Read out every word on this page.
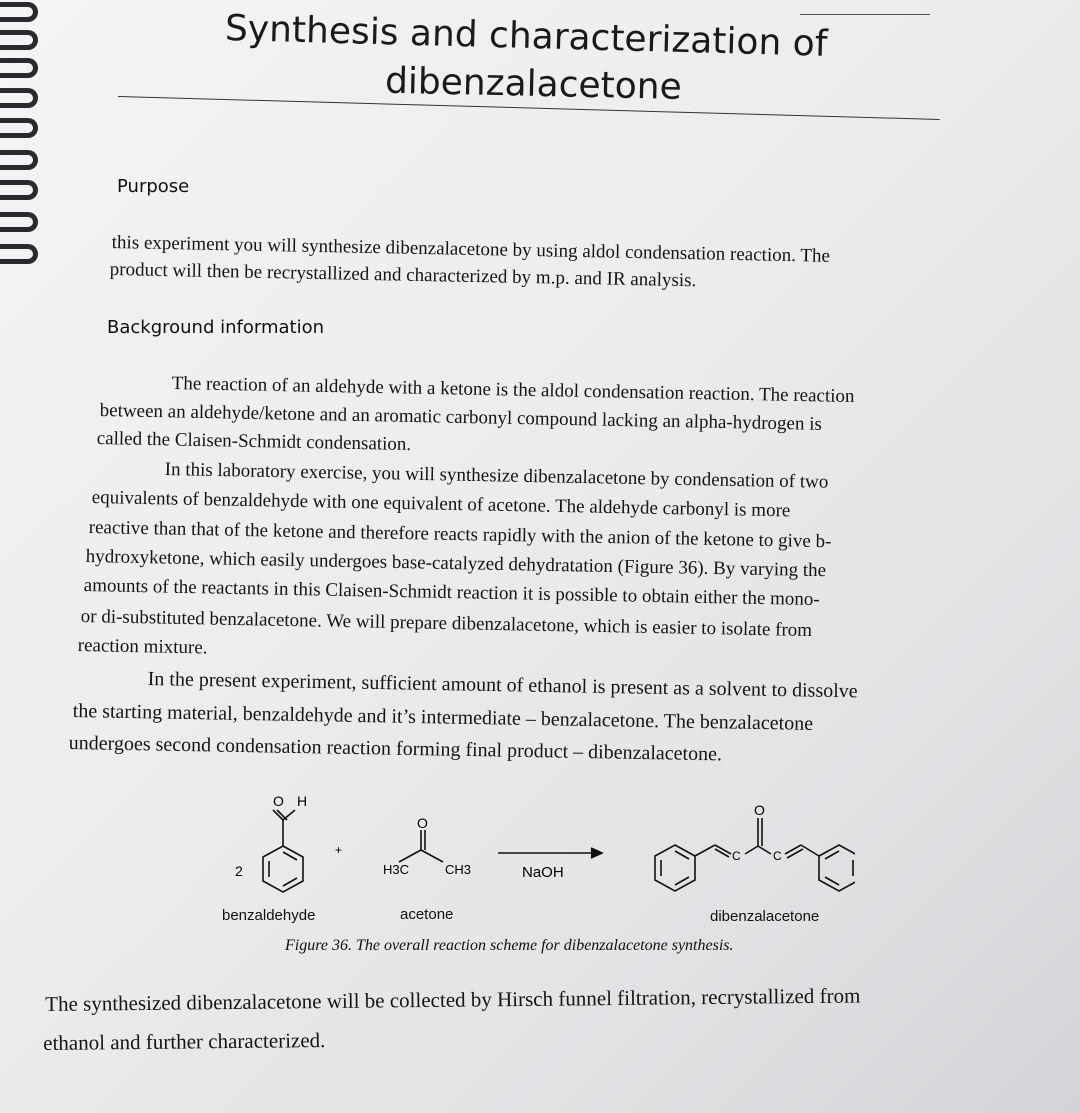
Synthesis and characterization of
dibenzalacetone
Purpose

this experiment you will synthesize dibenzalacetone by using aldol condensation reaction. The

product will then be recrystallized and characterized by m.p. and IR analysis.

Background information

The reaction of an aldehyde with a ketone is the aldol condensation reaction. The reaction

between an aldehyde/ketone and an aromatic carbonyl compound lacking an alpha-hydrogen is

called the Claisen-Schmidt condensation.

In this laboratory exercise, you will synthesize dibenzalacetone by condensation of two

equivalents of benzaldehyde with one equivalent of acetone. The aldehyde carbonyl is more

reactive than that of the ketone and therefore reacts rapidly with the anion of the ketone to give b-

hydroxyketone, which easily undergoes base-catalyzed dehydratation (Figure 36). By varying the

amounts of the reactants in this Claisen-Schmidt reaction it is possible to obtain either the mono-

or di-substituted benzalacetone. We will prepare dibenzalacetone, which is easier to isolate from

reaction mixture.

In the present experiment, sufficient amount of ethanol is present as a solvent to dissolve

the starting material, benzaldehyde and it’s intermediate – benzalacetone. The benzalacetone

undergoes second condensation reaction forming final product – dibenzalacetone.

O H
2
+
O
H3C	CH3	NaOH
O
C	C
benzaldehyde	acetone	dibenzalacetone
Figure 36. The overall reaction scheme for dibenzalacetone synthesis.

The synthesized dibenzalacetone will be collected by Hirsch funnel filtration, recrystallized from

ethanol and further characterized.
